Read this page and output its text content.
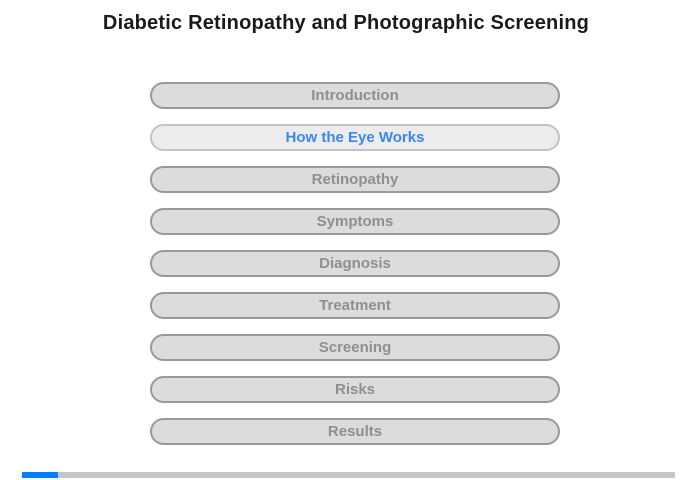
Diabetic Retinopathy and Photographic Screening
Introduction
How the Eye Works
Retinopathy
Symptoms
Diagnosis
Treatment
Screening
Risks
Results
